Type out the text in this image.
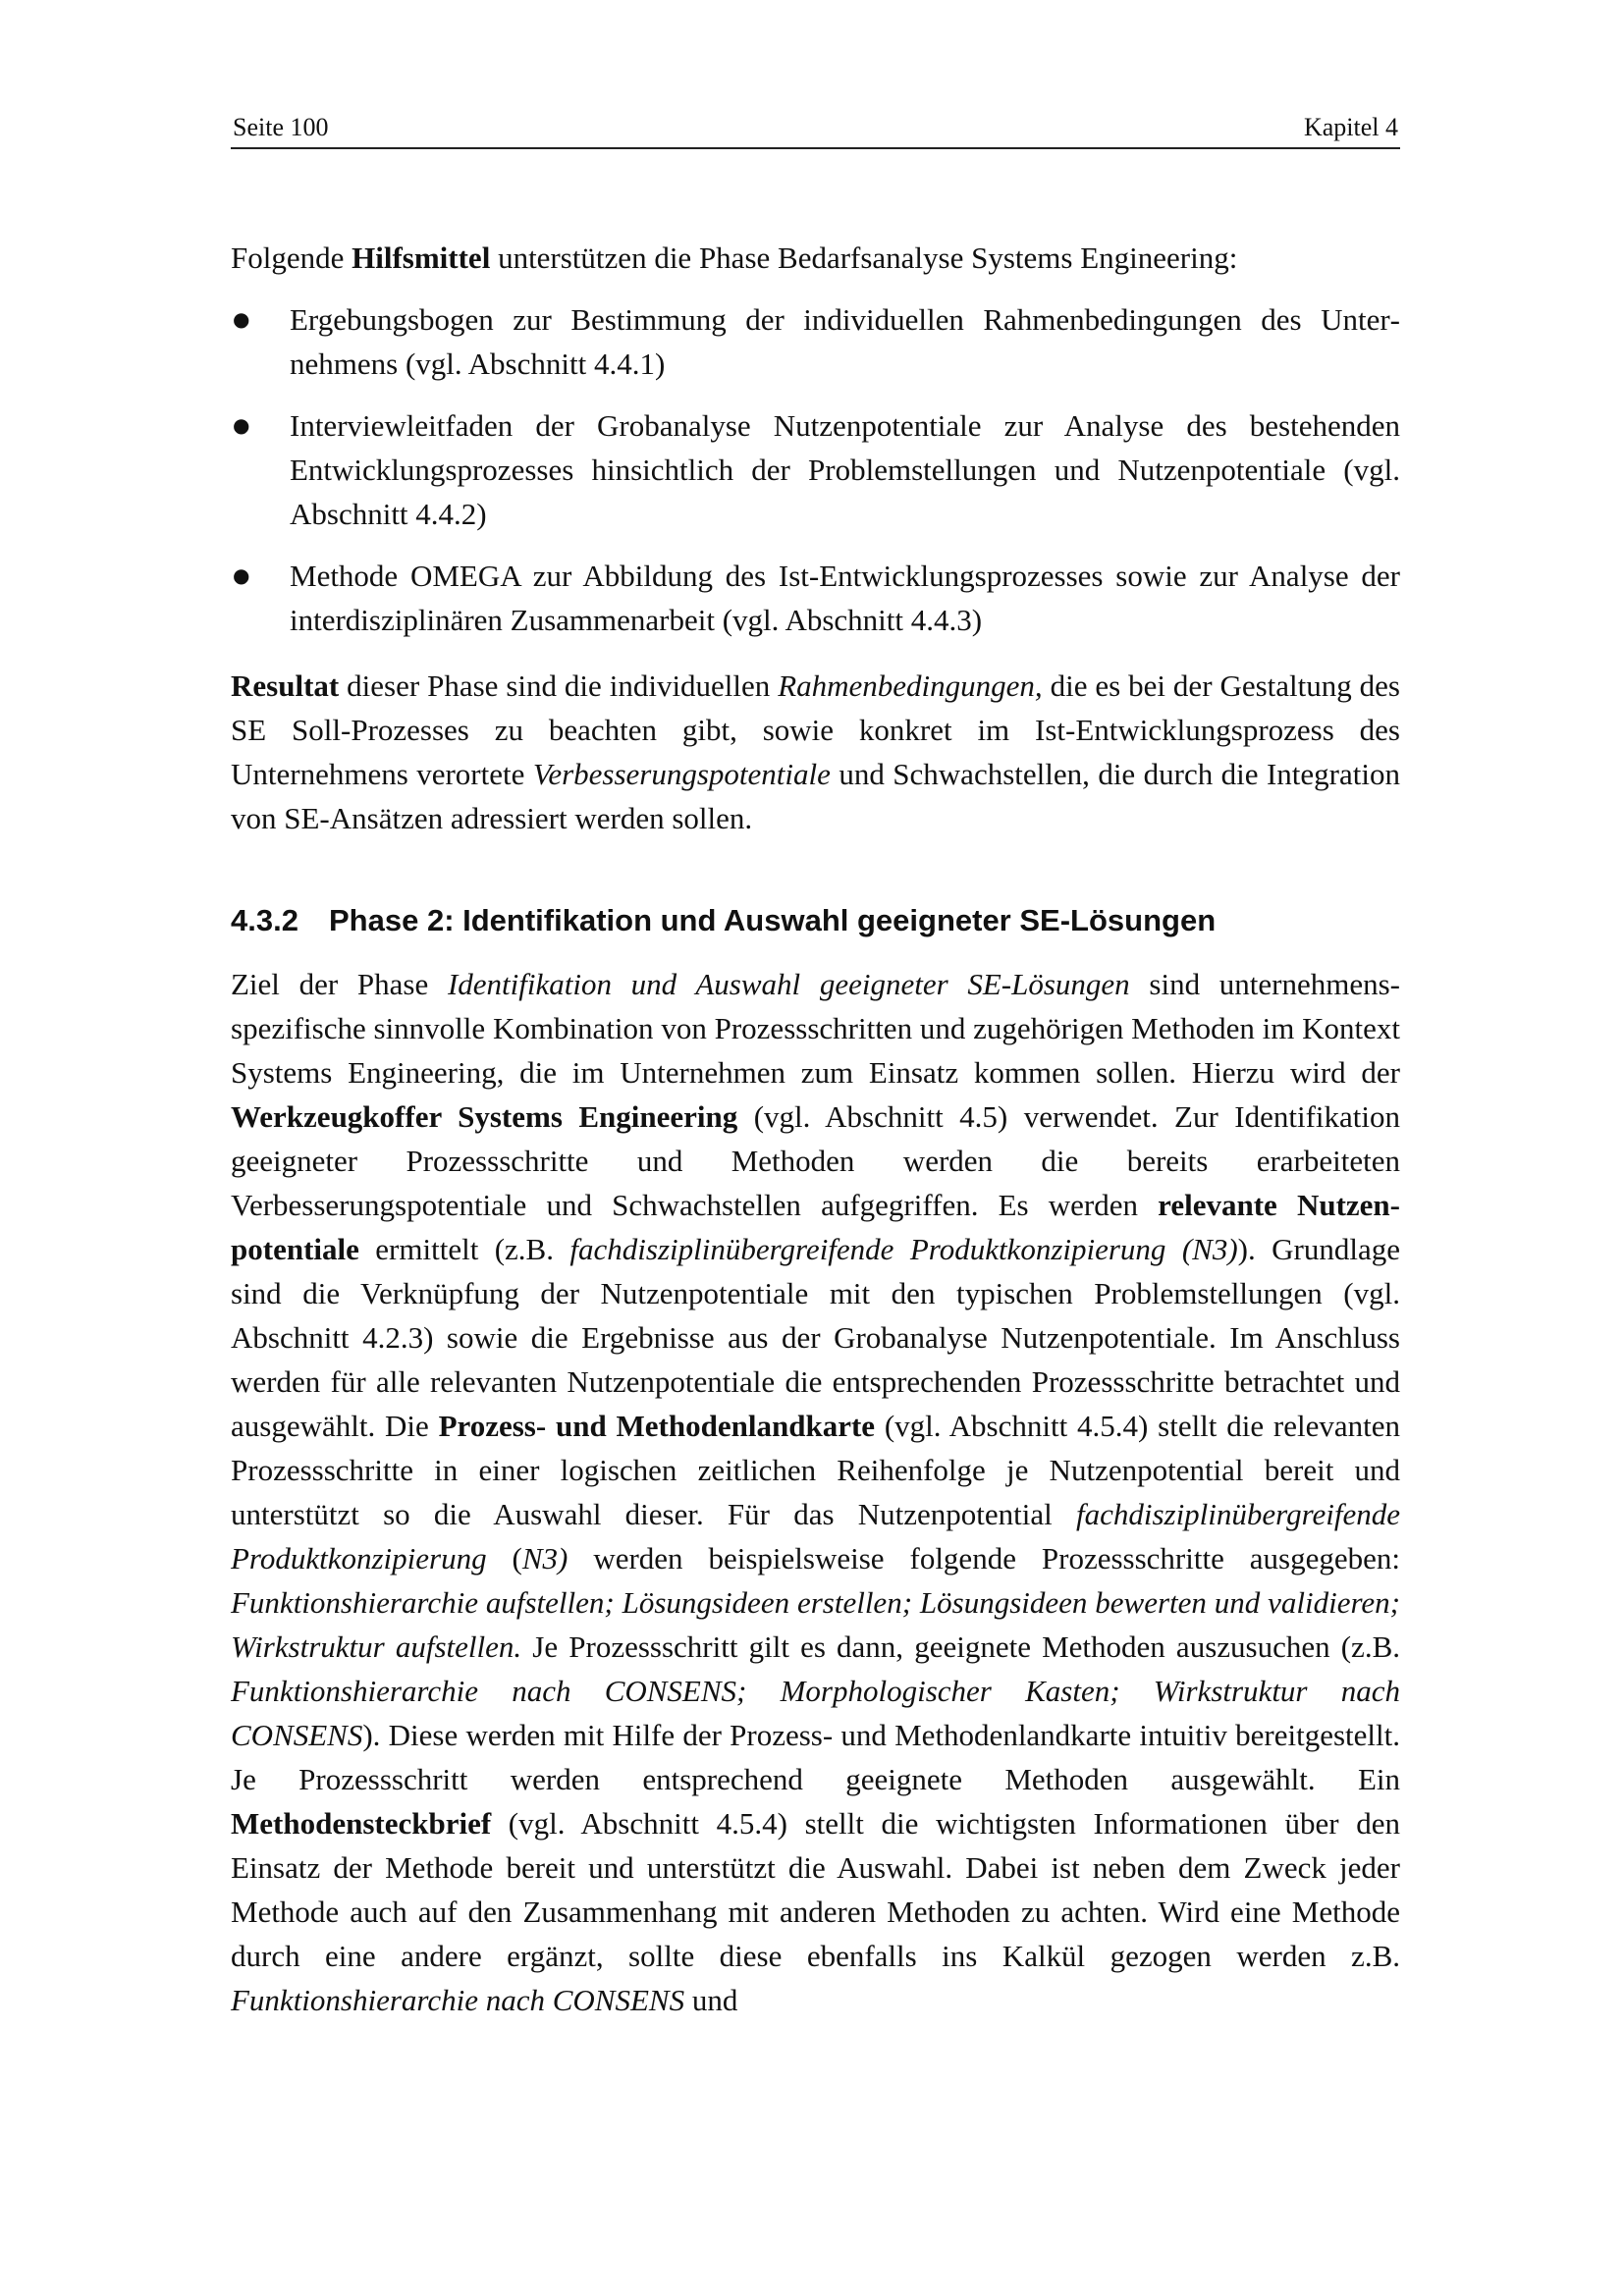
Seite 100	Kapitel 4

Folgende Hilfsmittel unterstützen die Phase Bedarfsanalyse Systems Engineering:

● Ergebungsbogen zur Bestimmung der individuellen Rahmenbedingungen des Unternehmens (vgl. Abschnitt 4.4.1)
● Interviewleitfaden der Grobanalyse Nutzenpotentiale zur Analyse des bestehenden Entwicklungsprozesses hinsichtlich der Problemstellungen und Nutzenpotentiale (vgl. Abschnitt 4.4.2)
● Methode OMEGA zur Abbildung des Ist-Entwicklungsprozesses sowie zur Analyse der interdisziplinären Zusammenarbeit (vgl. Abschnitt 4.4.3)

Resultat dieser Phase sind die individuellen Rahmenbedingungen, die es bei der Gestaltung des SE Soll-Prozesses zu beachten gibt, sowie konkret im Ist-Entwicklungsprozess des Unternehmens verortete Verbesserungspotentiale und Schwachstellen, die durch die Integration von SE-Ansätzen adressiert werden sollen.

4.3.2 Phase 2: Identifikation und Auswahl geeigneter SE-Lösungen

Ziel der Phase Identifikation und Auswahl geeigneter SE-Lösungen sind unternehmensspezifische sinnvolle Kombination von Prozessschritten und zugehörigen Methoden im Kontext Systems Engineering, die im Unternehmen zum Einsatz kommen sollen. Hierzu wird der Werkzeugkoffer Systems Engineering (vgl. Abschnitt 4.5) verwendet. Zur Identifikation geeigneter Prozessschritte und Methoden werden die bereits erarbeiteten Verbesserungspotentiale und Schwachstellen aufgegriffen. Es werden relevante Nutzenpotentiale ermittelt (z.B. fachdisziplinübergreifende Produktkonzipierung (N3)). Grundlage sind die Verknüpfung der Nutzenpotentiale mit den typischen Problemstellungen (vgl. Abschnitt 4.2.3) sowie die Ergebnisse aus der Grobanalyse Nutzenpotentiale. Im Anschluss werden für alle relevanten Nutzenpotentiale die entsprechenden Prozessschritte betrachtet und ausgewählt. Die Prozess- und Methodenlandkarte (vgl. Abschnitt 4.5.4) stellt die relevanten Prozessschritte in einer logischen zeitlichen Reihenfolge je Nutzenpotential bereit und unterstützt so die Auswahl dieser. Für das Nutzenpotential fachdisziplinübergreifende Produktkonzipierung (N3) werden beispielsweise folgende Prozessschritte ausgegeben: Funktionshierarchie aufstellen; Lösungsideen erstellen; Lösungsideen bewerten und validieren; Wirkstruktur aufstellen. Je Prozessschritt gilt es dann, geeignete Methoden auszusuchen (z.B. Funktionshierarchie nach CONSENS; Morphologischer Kasten; Wirkstruktur nach CONSENS). Diese werden mit Hilfe der Prozess- und Methodenlandkarte intuitiv bereitgestellt. Je Prozessschritt werden entsprechend geeignete Methoden ausgewählt. Ein Methodensteckbrief (vgl. Abschnitt 4.5.4) stellt die wichtigsten Informationen über den Einsatz der Methode bereit und unterstützt die Auswahl. Dabei ist neben dem Zweck jeder Methode auch auf den Zusammenhang mit anderen Methoden zu achten. Wird eine Methode durch eine andere ergänzt, sollte diese ebenfalls ins Kalkül gezogen werden z.B. Funktionshierarchie nach CONSENS und
